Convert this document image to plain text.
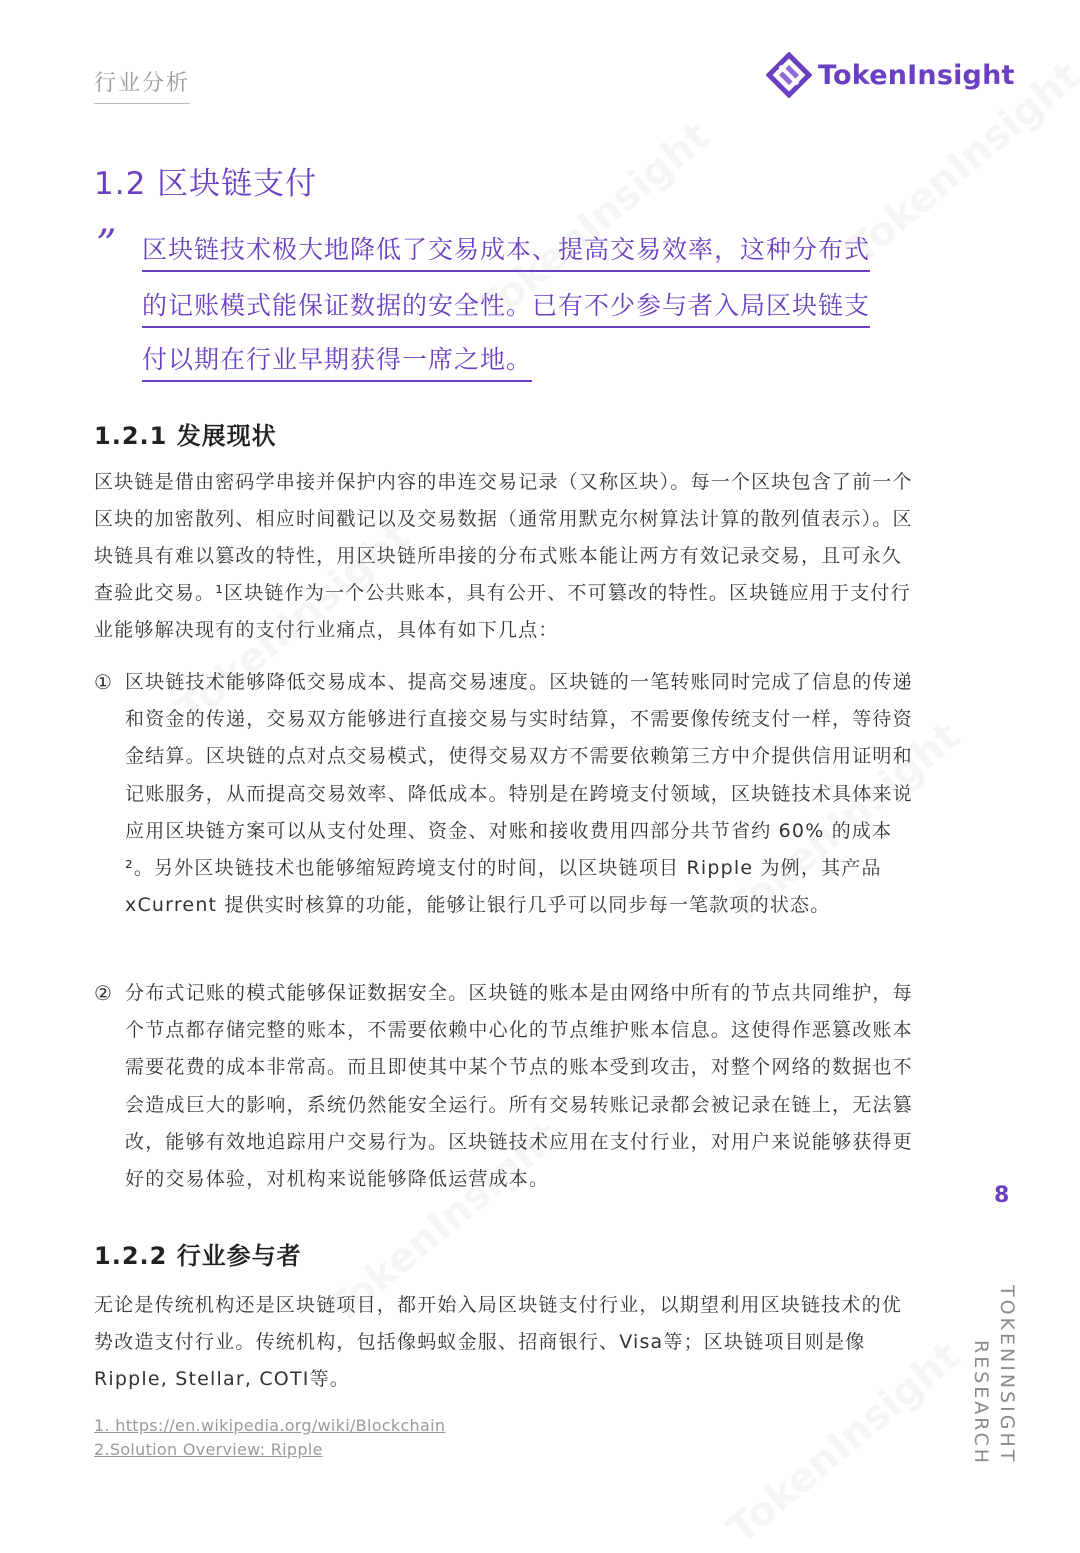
行业分析	TokenInsight
1.2 区块链支付
” 区块链技术极大地降低了交易成本、提高交易效率，这种分布式
的记账模式能保证数据的安全性。已有不少参与者入局区块链支
付以期在行业早期获得一席之地。
1.2.1 发展现状
区块链是借由密码学串接并保护内容的串连交易记录（又称区块）。每一个区块包含了前一个区块的加密散列、相应时间戳记以及交易数据（通常用默克尔树算法计算的散列值表示）。区块链具有难以篡改的特性，用区块链所串接的分布式账本能让两方有效记录交易，且可永久查验此交易。¹区块链作为一个公共账本，具有公开、不可篡改的特性。区块链应用于支付行业能够解决现有的支付行业痛点，具体有如下几点：
① 区块链技术能够降低交易成本、提高交易速度。区块链的一笔转账同时完成了信息的传递和资金的传递，交易双方能够进行直接交易与实时结算，不需要像传统支付一样，等待资金结算。区块链的点对点交易模式，使得交易双方不需要依赖第三方中介提供信用证明和记账服务，从而提高交易效率、降低成本。特别是在跨境支付领域，区块链技术具体来说应用区块链方案可以从支付处理、资金、对账和接收费用四部分共节省约 60% 的成本²。另外区块链技术也能够缩短跨境支付的时间，以区块链项目 Ripple 为例，其产品 xCurrent 提供实时核算的功能，能够让银行几乎可以同步每一笔款项的状态。
② 分布式记账的模式能够保证数据安全。区块链的账本是由网络中所有的节点共同维护，每个节点都存储完整的账本，不需要依赖中心化的节点维护账本信息。这使得作恶篡改账本需要花费的成本非常高。而且即使其中某个节点的账本受到攻击，对整个网络的数据也不会造成巨大的影响，系统仍然能安全运行。所有交易转账记录都会被记录在链上，无法篡改，能够有效地追踪用户交易行为。区块链技术应用在支付行业，对用户来说能够获得更好的交易体验，对机构来说能够降低运营成本。
1.2.2 行业参与者
无论是传统机构还是区块链项目，都开始入局区块链支付行业，以期望利用区块链技术的优势改造支付行业。传统机构，包括像蚂蚁金服、招商银行、Visa等；区块链项目则是像Ripple, Stellar, COTI等。
1. https://en.wikipedia.org/wiki/Blockchain
2.Solution Overview: Ripple
8
TOKENINSIGHT
RESEARCH
